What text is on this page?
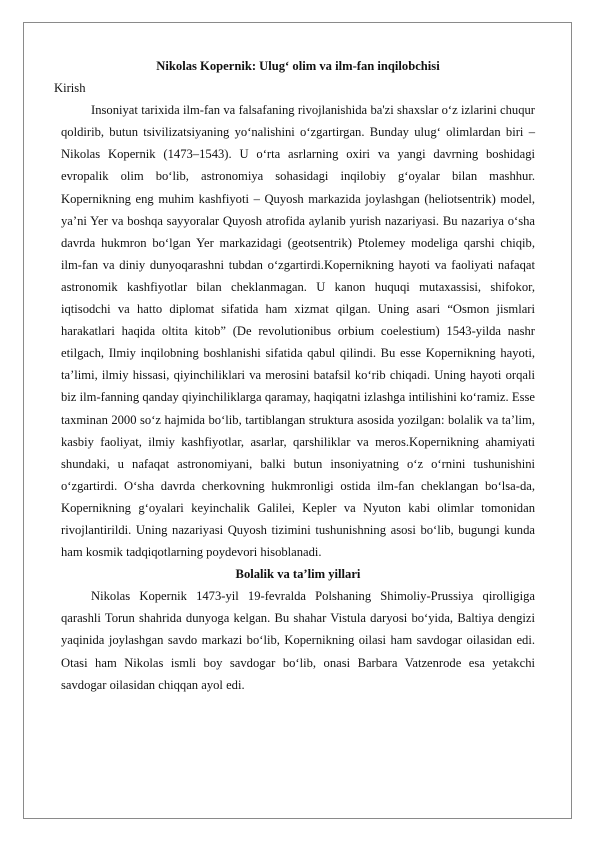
Nikolas Kopernik: Ulug‘ olim va ilm-fan inqilobchisi

Kirish

Insoniyat tarixida ilm-fan va falsafaning rivojlanishida ba'zi shaxslar o‘z izlarini chuqur qoldirib, butun tsivilizatsiyaning yo‘nalishini o‘zgartirgan. Bunday ulug‘ olimlardan biri – Nikolas Kopernik (1473–1543). U o‘rta asrlarning oxiri va yangi davrning boshidagi evropalik olim bo‘lib, astronomiya sohasidagi inqilobiy g‘oyalar bilan mashhur. Kopernikning eng muhim kashfiyoti – Quyosh markazida joylashgan (heliotsentrik) model, ya’ni Yer va boshqa sayyoralar Quyosh atrofida aylanib yurish nazariyasi. Bu nazariya o‘sha davrda hukmron bo‘lgan Yer markazidagi (geotsentrik) Ptolemey modeliga qarshi chiqib, ilm-fan va diniy dunyoqarashni tubdan o‘zgartirdi.Kopernikning hayoti va faoliyati nafaqat astronomik kashfiyotlar bilan cheklanmagan. U kanon huquqi mutaxassisi, shifokor, iqtisodchi va hatto diplomat sifatida ham xizmat qilgan. Uning asari “Osmon jismlari harakatlari haqida oltita kitob” (De revolutionibus orbium coelestium) 1543-yilda nashr etilgach, Ilmiy inqilobning boshlanishi sifatida qabul qilindi. Bu esse Kopernikning hayoti, ta’limi, ilmiy hissasi, qiyinchiliklari va merosini batafsil ko‘rib chiqadi. Uning hayoti orqali biz ilm-fanning qanday qiyinchiliklarga qaramay, haqiqatni izlashga intilishini ko‘ramiz. Esse taxminan 2000 so‘z hajmida bo‘lib, tartiblangan struktura asosida yozilgan: bolalik va ta’lim, kasbiy faoliyat, ilmiy kashfiyotlar, asarlar, qarshiliklar va meros.Kopernikning ahamiyati shundaki, u nafaqat astronomiyani, balki butun insoniyatning o‘z o‘rnini tushunishini o‘zgartirdi. O‘sha davrda cherkovning hukmronligi ostida ilm-fan cheklangan bo‘lsa-da, Kopernikning g‘oyalari keyinchalik Galilei, Kepler va Nyuton kabi olimlar tomonidan rivojlantirildi. Uning nazariyasi Quyosh tizimini tushunishning asosi bo‘lib, bugungi kunda ham kosmik tadqiqotlarning poydevori hisoblanadi.

Bolalik va ta’lim yillari

Nikolas Kopernik 1473-yil 19-fevralda Polshaning Shimoliy-Prussiya qirolligiga qarashli Torun shahrida dunyoga kelgan. Bu shahar Vistula daryosi bo‘yida, Baltiya dengizi yaqinida joylashgan savdo markazi bo‘lib, Kopernikning oilasi ham savdogar oilasidan edi. Otasi ham Nikolas ismli boy savdogar bo‘lib, onasi Barbara Vatzenrode esa yetakchi savdogar oilasidan chiqqan ayol edi.
